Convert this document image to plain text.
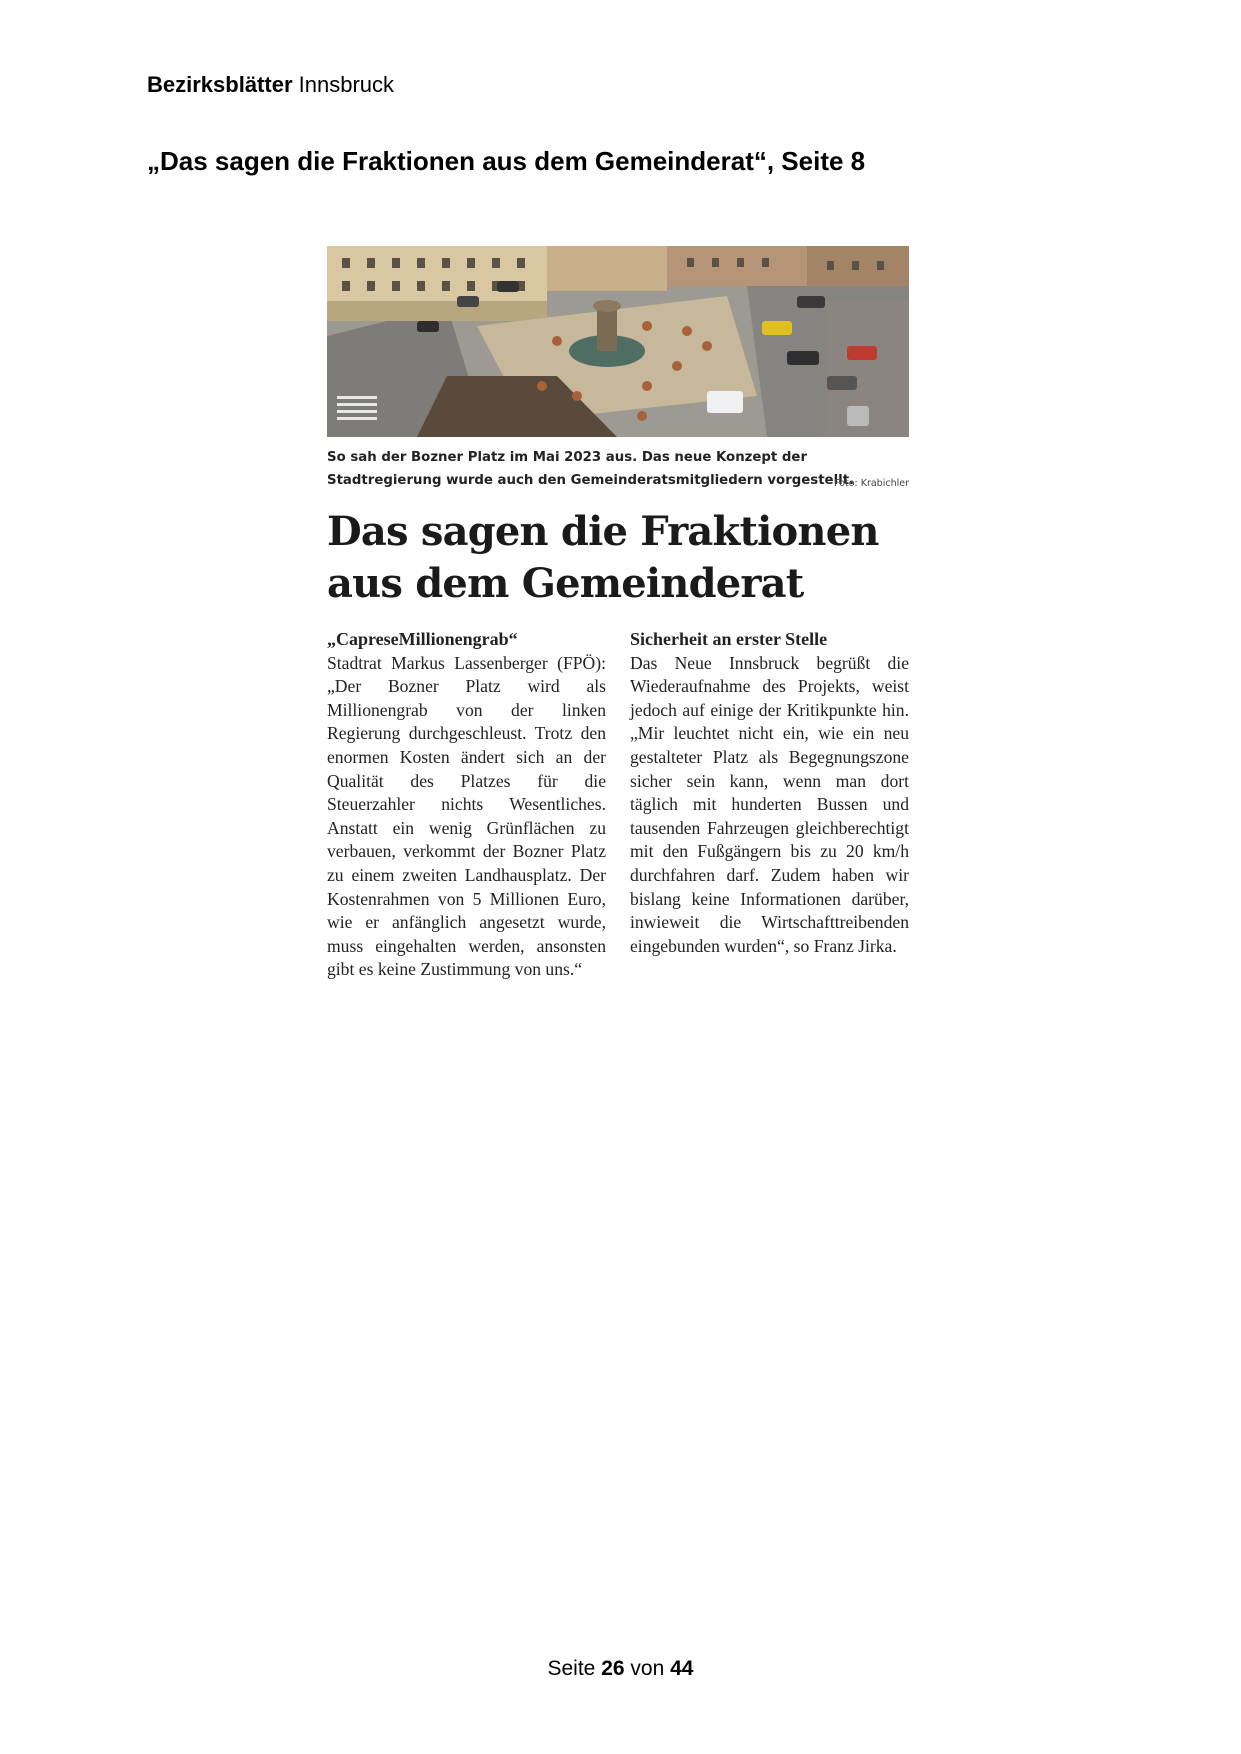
Bezirksblätter Innsbruck
„Das sagen die Fraktionen aus dem Gemeinderat“, Seite 8
So sah der Bozner Platz im Mai 2023 aus. Das neue Konzept der Stadtregierung wurde auch den Gemeinderatsmitgliedern vorgestellt.
Foto: Krabichler
Das sagen die Fraktionen aus dem Gemeinderat
„CapreseMillionengrab“

Stadtrat Markus Lassenberger (FPÖ): „Der Bozner Platz wird als Millionengrab von der linken Regierung durchgeschleust. Trotz den enormen Kosten ändert sich an der Qualität des Platzes für die Steuerzahler nichts Wesentliches. Anstatt ein wenig Grünflächen zu verbauen, verkommt der Bozner Platz zu einem zweiten Landhausplatz. Der Kostenrahmen von 5 Millionen Euro, wie er anfänglich angesetzt wurde, muss eingehalten werden, ansonsten gibt es keine Zustimmung von uns.“

Sicherheit an erster Stelle

Das Neue Innsbruck begrüßt die Wiederaufnahme des Projekts, weist jedoch auf einige der Kritikpunkte hin. „Mir leuchtet nicht ein, wie ein neu gestalteter Platz als Begegnungszone sicher sein kann, wenn man dort täglich mit hunderten Bussen und tausenden Fahrzeugen gleichberechtigt mit den Fußgängern bis zu 20 km/h durchfahren darf. Zudem haben wir bislang keine Informationen darüber, inwieweit die Wirtschafttreibenden eingebunden wurden“, so Franz Jirka.

Seite 26 von 44
